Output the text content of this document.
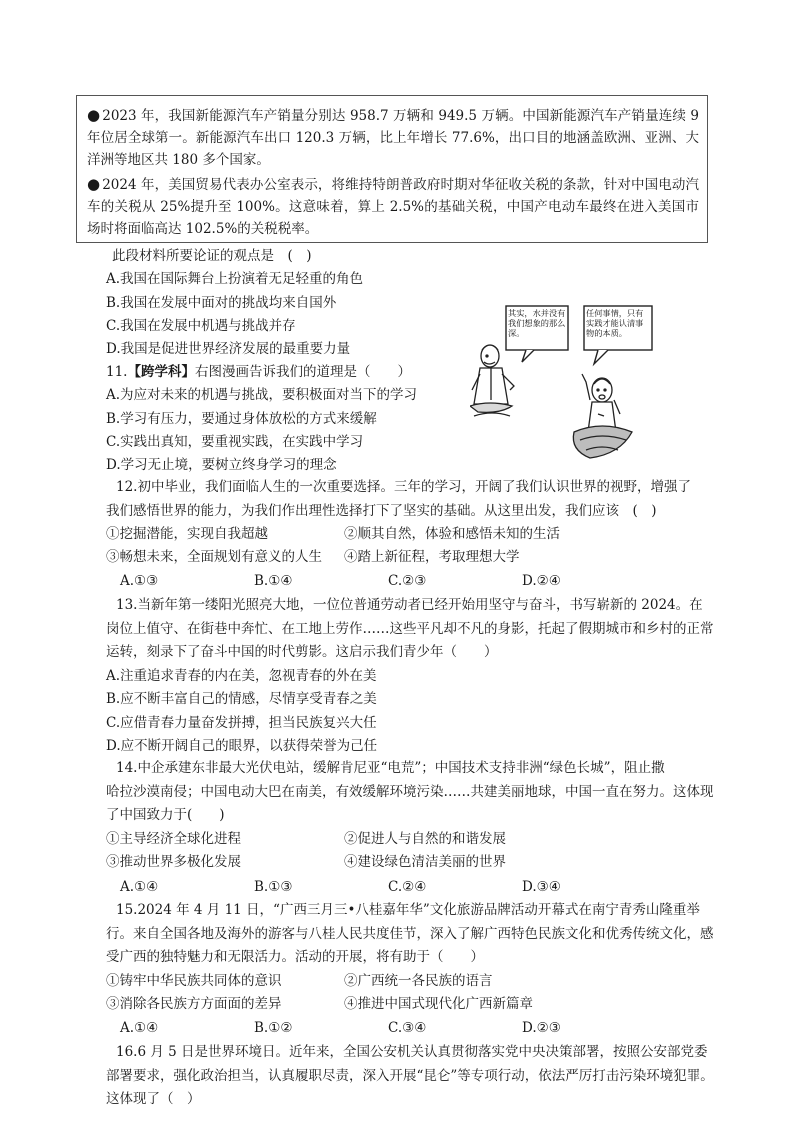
● 2023 年，我国新能源汽车产销量分别达 958.7 万辆和 949.5 万辆。中国新能源汽车产销量连续 9 年位居全球第一。新能源汽车出口 120.3 万辆，比上年增长 77.6%，出口目的地涵盖欧洲、亚洲、大洋洲等地区共 180 多个国家。

● 2024 年，美国贸易代表办公室表示，将维持特朗普政府时期对华征收关税的条款，针对中国电动汽车的关税从 25%提升至 100%。这意味着，算上 2.5%的基础关税，中国产电动车最终在进入美国市场时将面临高达 102.5%的关税税率。

此段材料所要论证的观点是　(　)
A.我国在国际舞台上扮演着无足轻重的角色
B.我国在发展中面对的挑战均来自国外
C.我国在发展中机遇与挑战并存
D.我国是促进世界经济发展的最重要力量
11.【跨学科】右图漫画告诉我们的道理是（　　）
A.为应对未来的机遇与挑战，要积极面对当下的学习
B.学习有压力，要通过身体放松的方式来缓解
C.实践出真知，要重视实践，在实践中学习
D.学习无止境，要树立终身学习的理念
其实，水并没有我们想象的那么深。
任何事情，只有实践才能认清事物的本质。
12.初中毕业，我们面临人生的一次重要选择。三年的学习，开阔了我们认识世界的视野，增强了
我们感悟世界的能力，为我们作出理性选择打下了坚实的基础。从这里出发，我们应该　(　)
①挖掘潜能，实现自我超越	②顺其自然，体验和感悟未知的生活
③畅想未来，全面规划有意义的人生	④踏上新征程，考取理想大学
A.①③	B.①④	C.②③	D.②④
13.当新年第一缕阳光照亮大地，一位位普通劳动者已经开始用坚守与奋斗，书写崭新的 2024。在
岗位上值守、在街巷中奔忙、在工地上劳作……这些平凡却不凡的身影，托起了假期城市和乡村的正常
运转，刻录下了奋斗中国的时代剪影。这启示我们青少年（　　）
A.注重追求青春的内在美，忽视青春的外在美
B.应不断丰富自己的情感，尽情享受青春之美
C.应借青春力量奋发拼搏，担当民族复兴大任
D.应不断开阔自己的眼界，以获得荣誉为己任
14.中企承建东非最大光伏电站，缓解肯尼亚“电荒”；中国技术支持非洲“绿色长城”，阻止撒
哈拉沙漠南侵；中国电动大巴在南美，有效缓解环境污染……共建美丽地球，中国一直在努力。这体现
了中国致力于(　　)
①主导经济全球化进程	②促进人与自然的和谐发展
③推动世界多极化发展	④建设绿色清洁美丽的世界
A.①④	B.①③	C.②④	D.③④
15.2024 年 4 月 11 日，“广西三月三•八桂嘉年华”文化旅游品牌活动开幕式在南宁青秀山隆重举
行。来自全国各地及海外的游客与八桂人民共度佳节，深入了解广西特色民族文化和优秀传统文化，感
受广西的独特魅力和无限活力。活动的开展，将有助于（　　）
①铸牢中华民族共同体的意识	②广西统一各民族的语言
③消除各民族方方面面的差异	④推进中国式现代化广西新篇章
A.①④	B.①②	C.③④	D.②③
16.6 月 5 日是世界环境日。近年来，全国公安机关认真贯彻落实党中央决策部署，按照公安部党委
部署要求，强化政治担当，认真履职尽责，深入开展“昆仑”等专项行动，依法严厉打击污染环境犯罪。
这体现了（　）
